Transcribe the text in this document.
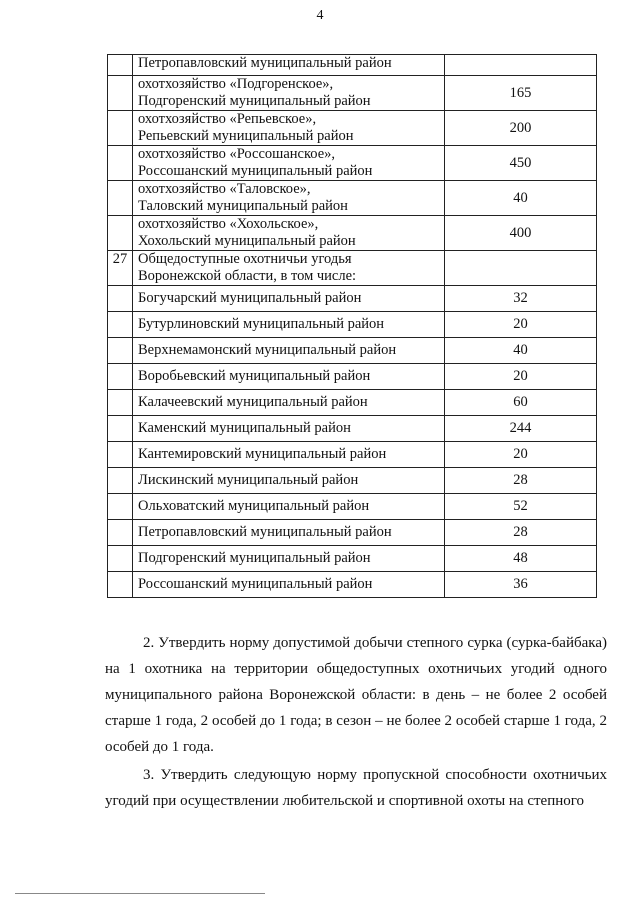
4

	Петропавловский муниципальный район	

	охотхозяйство «Подгоренское»,
Подгоренский муниципальный район	165

	охотхозяйство «Репьевское»,
Репьевский муниципальный район	200

	охотхозяйство «Россошанское»,
Россошанский муниципальный район	450

	охотхозяйство «Таловское»,
Таловский муниципальный район	40

	охотхозяйство «Хохольское»,
Хохольский муниципальный район	400
27	Общедоступные охотничьи угодья
Воронежской области, в том числе:	

	Богучарский муниципальный район	32

	Бутурлиновский муниципальный район	20

	Верхнемамонский муниципальный район	40

	Воробьевский муниципальный район	20

	Калачеевский муниципальный район	60

	Каменский муниципальный район	244

	Кантемировский муниципальный район	20

	Лискинский муниципальный район	28

	Ольховатский муниципальный район	52

	Петропавловский муниципальный район	28

	Подгоренский муниципальный район	48

	Россошанский муниципальный район	36

2. Утвердить норму допустимой добычи степного сурка (сурка-байбака) на 1 охотника на территории общедоступных охотничьих угодий одного муниципального района Воронежской области: в день – не более 2 особей старше 1 года, 2 особей до 1 года; в сезон – не более 2 особей старше 1 года, 2 особей до 1 года.

3. Утвердить следующую норму пропускной способности охотничьих угодий при осуществлении любительской и спортивной охоты на степного
